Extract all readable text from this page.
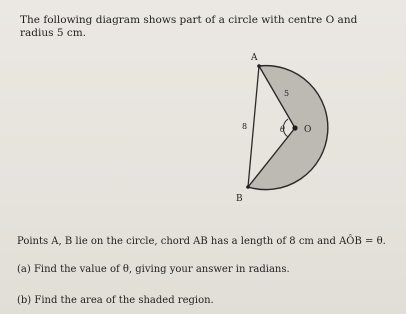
The following diagram shows part of a circle with centre O and radius 5 cm.
A
B
O
5
8	θ
Points A, B lie on the circle, chord AB has a length of 8 cm and AÔB = θ.
(a) Find the value of θ, giving your answer in radians.
(b) Find the area of the shaded region.
